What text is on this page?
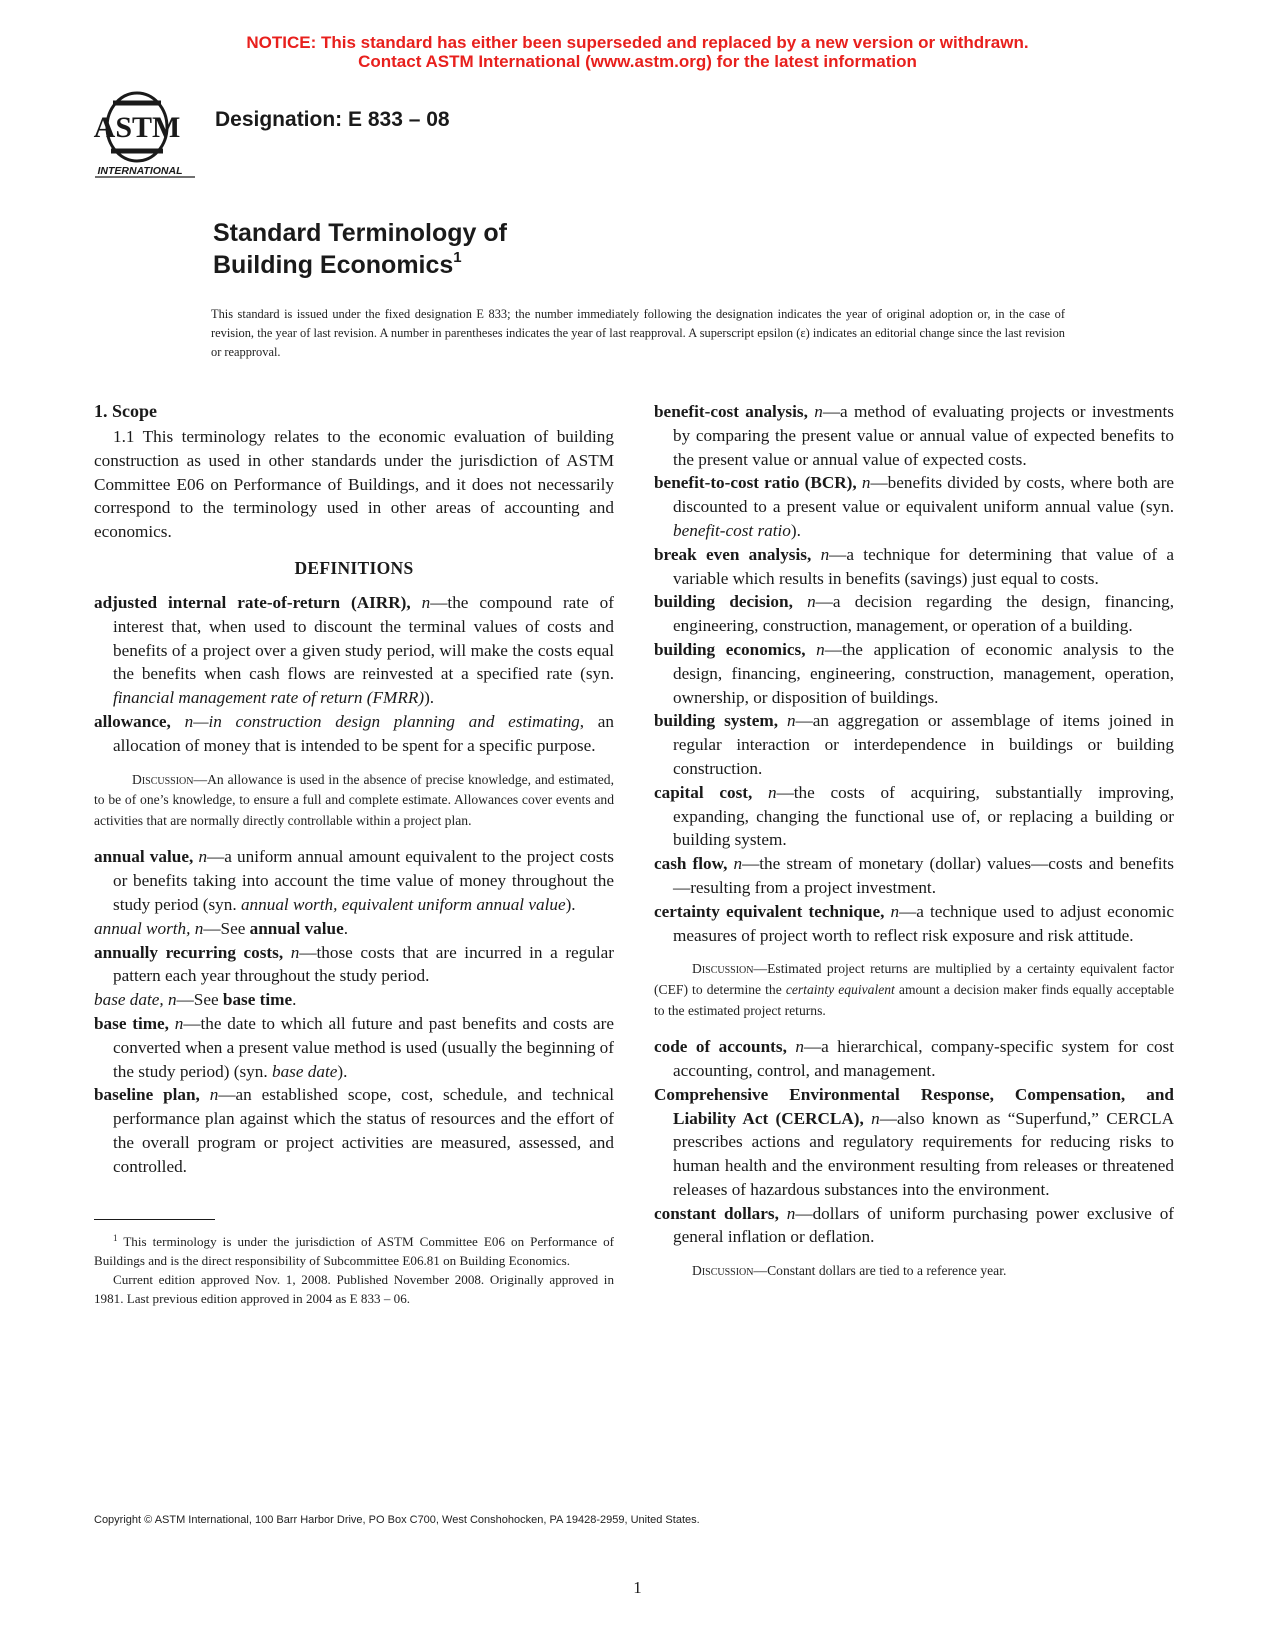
NOTICE: This standard has either been superseded and replaced by a new version or withdrawn.
Contact ASTM International (www.astm.org) for the latest information
ASTM
INTERNATIONAL
Designation: E 833 – 08
Standard Terminology of
Building Economics$^1$
This standard is issued under the fixed designation E 833; the number immediately following the designation indicates the year of original adoption or, in the case of revision, the year of last revision. A number in parentheses indicates the year of last reapproval. A superscript epsilon (ε) indicates an editorial change since the last revision or reapproval.
1. Scope

1.1 This terminology relates to the economic evaluation of building construction as used in other standards under the jurisdiction of ASTM Committee E06 on Performance of Buildings, and it does not necessarily correspond to the terminology used in other areas of accounting and economics.

DEFINITIONS

adjusted internal rate-of-return (AIRR), n—the compound rate of interest that, when used to discount the terminal values of costs and benefits of a project over a given study period, will make the costs equal the benefits when cash flows are reinvested at a specified rate (syn. financial management rate of return (FMRR)).

allowance, n—in construction design planning and estimating, an allocation of money that is intended to be spent for a specific purpose.

Discussion—An allowance is used in the absence of precise knowledge, and estimated, to be of one’s knowledge, to ensure a full and complete estimate. Allowances cover events and activities that are normally directly controllable within a project plan.

annual value, n—a uniform annual amount equivalent to the project costs or benefits taking into account the time value of money throughout the study period (syn. annual worth, equivalent uniform annual value).

annual worth, n—See annual value.

annually recurring costs, n—those costs that are incurred in a regular pattern each year throughout the study period.

base date, n—See base time.

base time, n—the date to which all future and past benefits and costs are converted when a present value method is used (usually the beginning of the study period) (syn. base date).

baseline plan, n—an established scope, cost, schedule, and technical performance plan against which the status of resources and the effort of the overall program or project activities are measured, assessed, and controlled.

$^1$ This terminology is under the jurisdiction of ASTM Committee E06 on Performance of Buildings and is the direct responsibility of Subcommittee E06.81 on Building Economics.

Current edition approved Nov. 1, 2008. Published November 2008. Originally approved in 1981. Last previous edition approved in 2004 as E 833 – 06.

benefit-cost analysis, n—a method of evaluating projects or investments by comparing the present value or annual value of expected benefits to the present value or annual value of expected costs.

benefit-to-cost ratio (BCR), n—benefits divided by costs, where both are discounted to a present value or equivalent uniform annual value (syn. benefit-cost ratio).

break even analysis, n—a technique for determining that value of a variable which results in benefits (savings) just equal to costs.

building decision, n—a decision regarding the design, financing, engineering, construction, management, or operation of a building.

building economics, n—the application of economic analysis to the design, financing, engineering, construction, management, operation, ownership, or disposition of buildings.

building system, n—an aggregation or assemblage of items joined in regular interaction or interdependence in buildings or building construction.

capital cost, n—the costs of acquiring, substantially improving, expanding, changing the functional use of, or replacing a building or building system.

cash flow, n—the stream of monetary (dollar) values—costs and benefits—resulting from a project investment.

certainty equivalent technique, n—a technique used to adjust economic measures of project worth to reflect risk exposure and risk attitude.

Discussion—Estimated project returns are multiplied by a certainty equivalent factor (CEF) to determine the certainty equivalent amount a decision maker finds equally acceptable to the estimated project returns.

code of accounts, n—a hierarchical, company-specific system for cost accounting, control, and management.

Comprehensive Environmental Response, Compensation, and Liability Act (CERCLA), n—also known as “Superfund,” CERCLA prescribes actions and regulatory requirements for reducing risks to human health and the environment resulting from releases or threatened releases of hazardous substances into the environment.

constant dollars, n—dollars of uniform purchasing power exclusive of general inflation or deflation.

Discussion—Constant dollars are tied to a reference year.

Copyright © ASTM International, 100 Barr Harbor Drive, PO Box C700, West Conshohocken, PA 19428-2959, United States.
1
